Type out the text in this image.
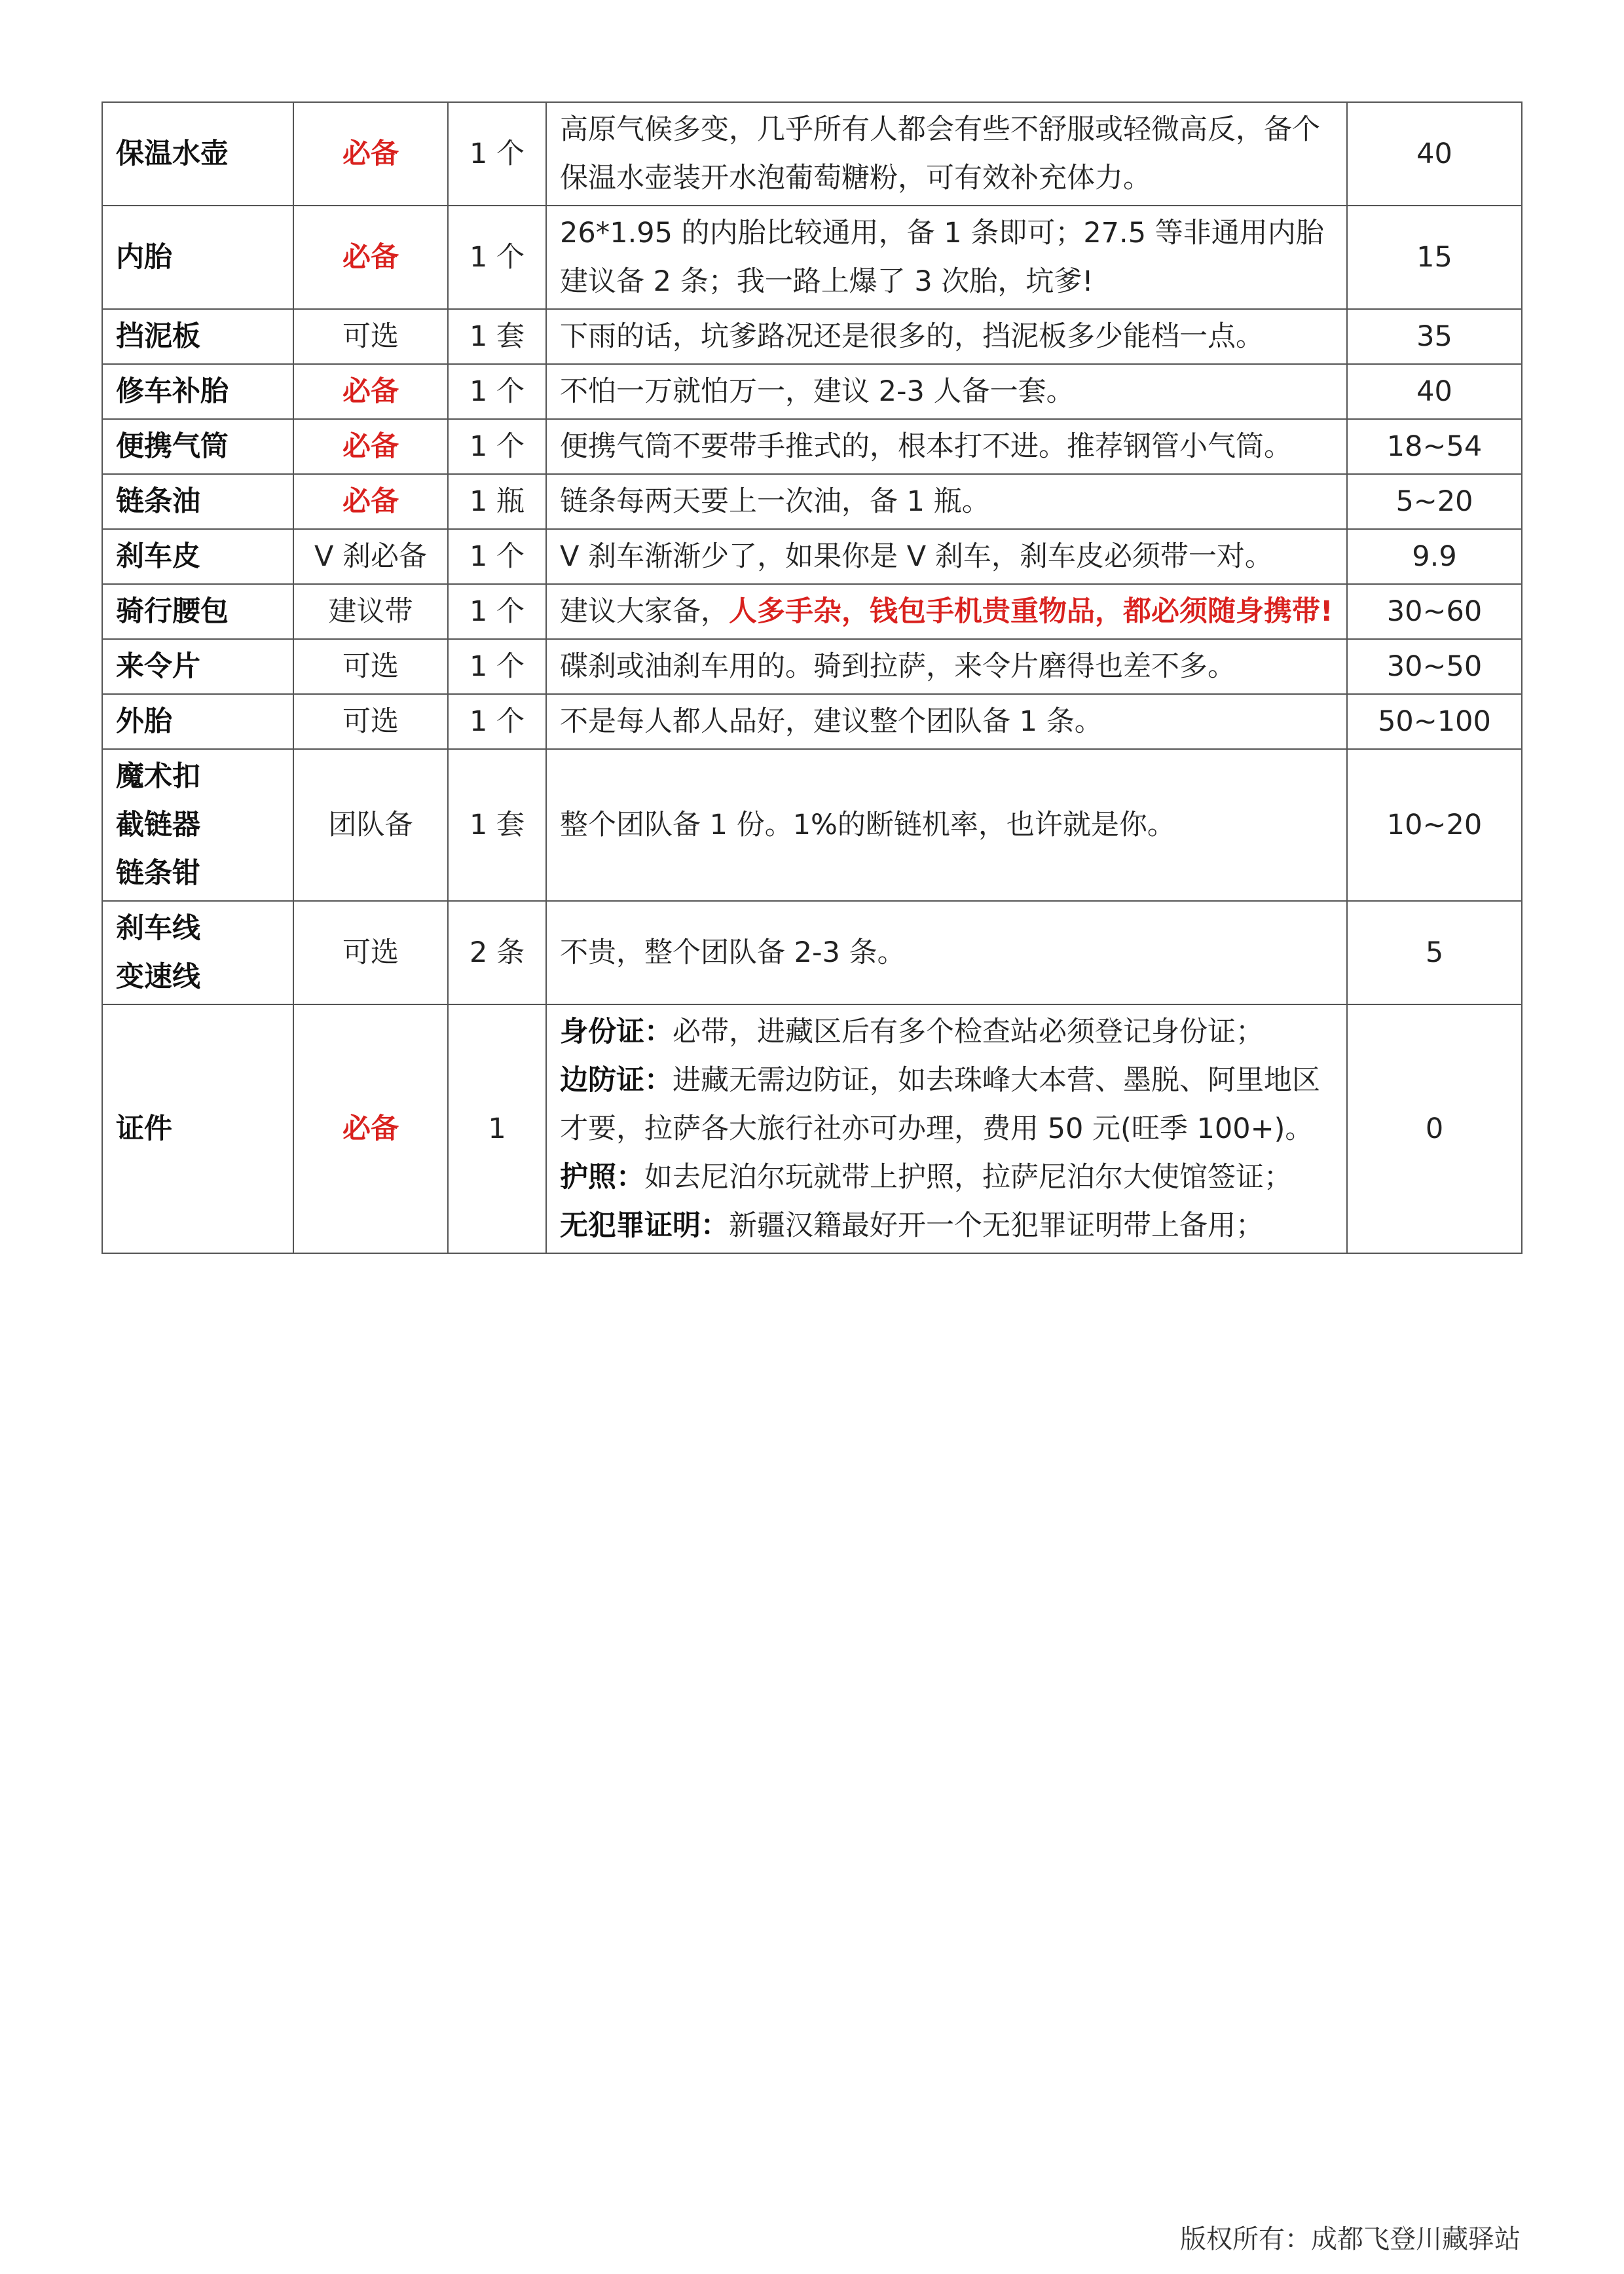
保温水壶	必备	1 个	高原气候多变，几乎所有人都会有些不舒服或轻微高反，备个保温水壶装开水泡葡萄糖粉，可有效补充体力。	40

内胎	必备	1 个	26*1.95 的内胎比较通用，备 1 条即可；27.5 等非通用内胎建议备 2 条；我一路上爆了 3 次胎，坑爹!	15

挡泥板	可选	1 套	下雨的话，坑爹路况还是很多的，挡泥板多少能档一点。	35

修车补胎	必备	1 个	不怕一万就怕万一，建议 2-3 人备一套。	40

便携气筒	必备	1 个	便携气筒不要带手推式的，根本打不进。推荐钢管小气筒。	18~54

链条油	必备	1 瓶	链条每两天要上一次油，备 1 瓶。	5~20

刹车皮	V 刹必备	1 个	V 刹车渐渐少了，如果你是 V 刹车，刹车皮必须带一对。	9.9

骑行腰包	建议带	1 个	建议大家备，人多手杂，钱包手机贵重物品，都必须随身携带!	30~60

来令片	可选	1 个	碟刹或油刹车用的。骑到拉萨，来令片磨得也差不多。	30~50

外胎	可选	1 个	不是每人都人品好，建议整个团队备 1 条。	50~100

魔术扣
截链器
链条钳	团队备	1 套	整个团队备 1 份。1%的断链机率，也许就是你。	10~20

刹车线
变速线	可选	2 条	不贵，整个团队备 2-3 条。	5

证件	必备	1	身份证：必带，进藏区后有多个检查站必须登记身份证；
边防证：进藏无需边防证，如去珠峰大本营、墨脱、阿里地区
才要，拉萨各大旅行社亦可办理，费用 50 元(旺季 100+)。
护照：如去尼泊尔玩就带上护照，拉萨尼泊尔大使馆签证；
无犯罪证明：新疆汉籍最好开一个无犯罪证明带上备用；	0
版权所有：成都飞登川藏驿站
